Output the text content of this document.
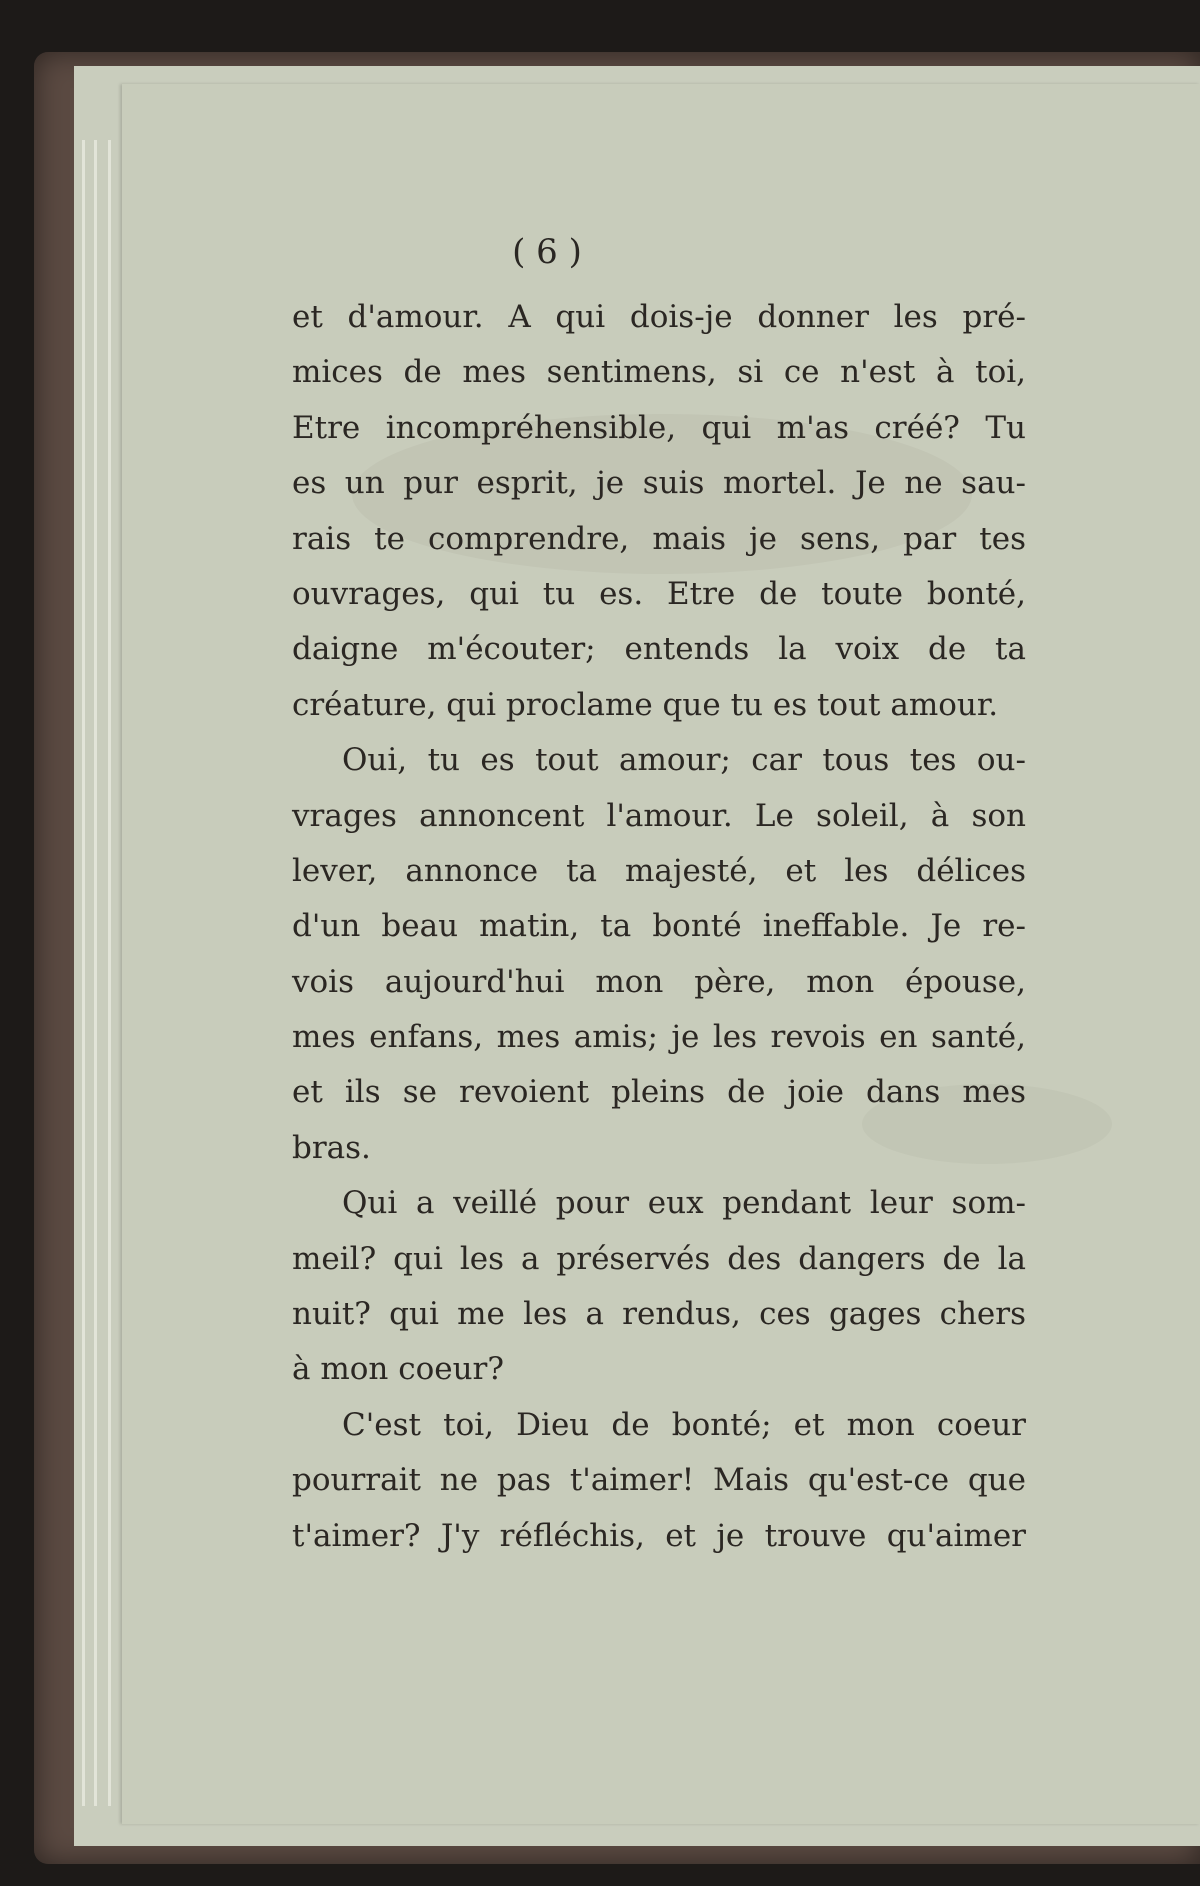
( 6 )
et d'amour. A qui dois-je donner les pré-
mices de mes sentimens, si ce n'est à toi,
Etre incompréhensible, qui m'as créé? Tu
es un pur esprit, je suis mortel. Je ne sau-
rais te comprendre, mais je sens, par tes
ouvrages, qui tu es. Etre de toute bonté,
daigne m'écouter; entends la voix de ta
créature, qui proclame que tu es tout amour.
Oui, tu es tout amour; car tous tes ou-
vrages annoncent l'amour. Le soleil, à son
lever, annonce ta majesté, et les délices
d'un beau matin, ta bonté ineffable. Je re-
vois aujourd'hui mon père, mon épouse,
mes enfans, mes amis; je les revois en santé,
et ils se revoient pleins de joie dans mes
bras.
Qui a veillé pour eux pendant leur som-
meil? qui les a préservés des dangers de la
nuit? qui me les a rendus, ces gages chers
à mon coeur?
C'est toi, Dieu de bonté; et mon coeur
pourrait ne pas t'aimer! Mais qu'est-ce que
t'aimer? J'y réfléchis, et je trouve qu'aimer
